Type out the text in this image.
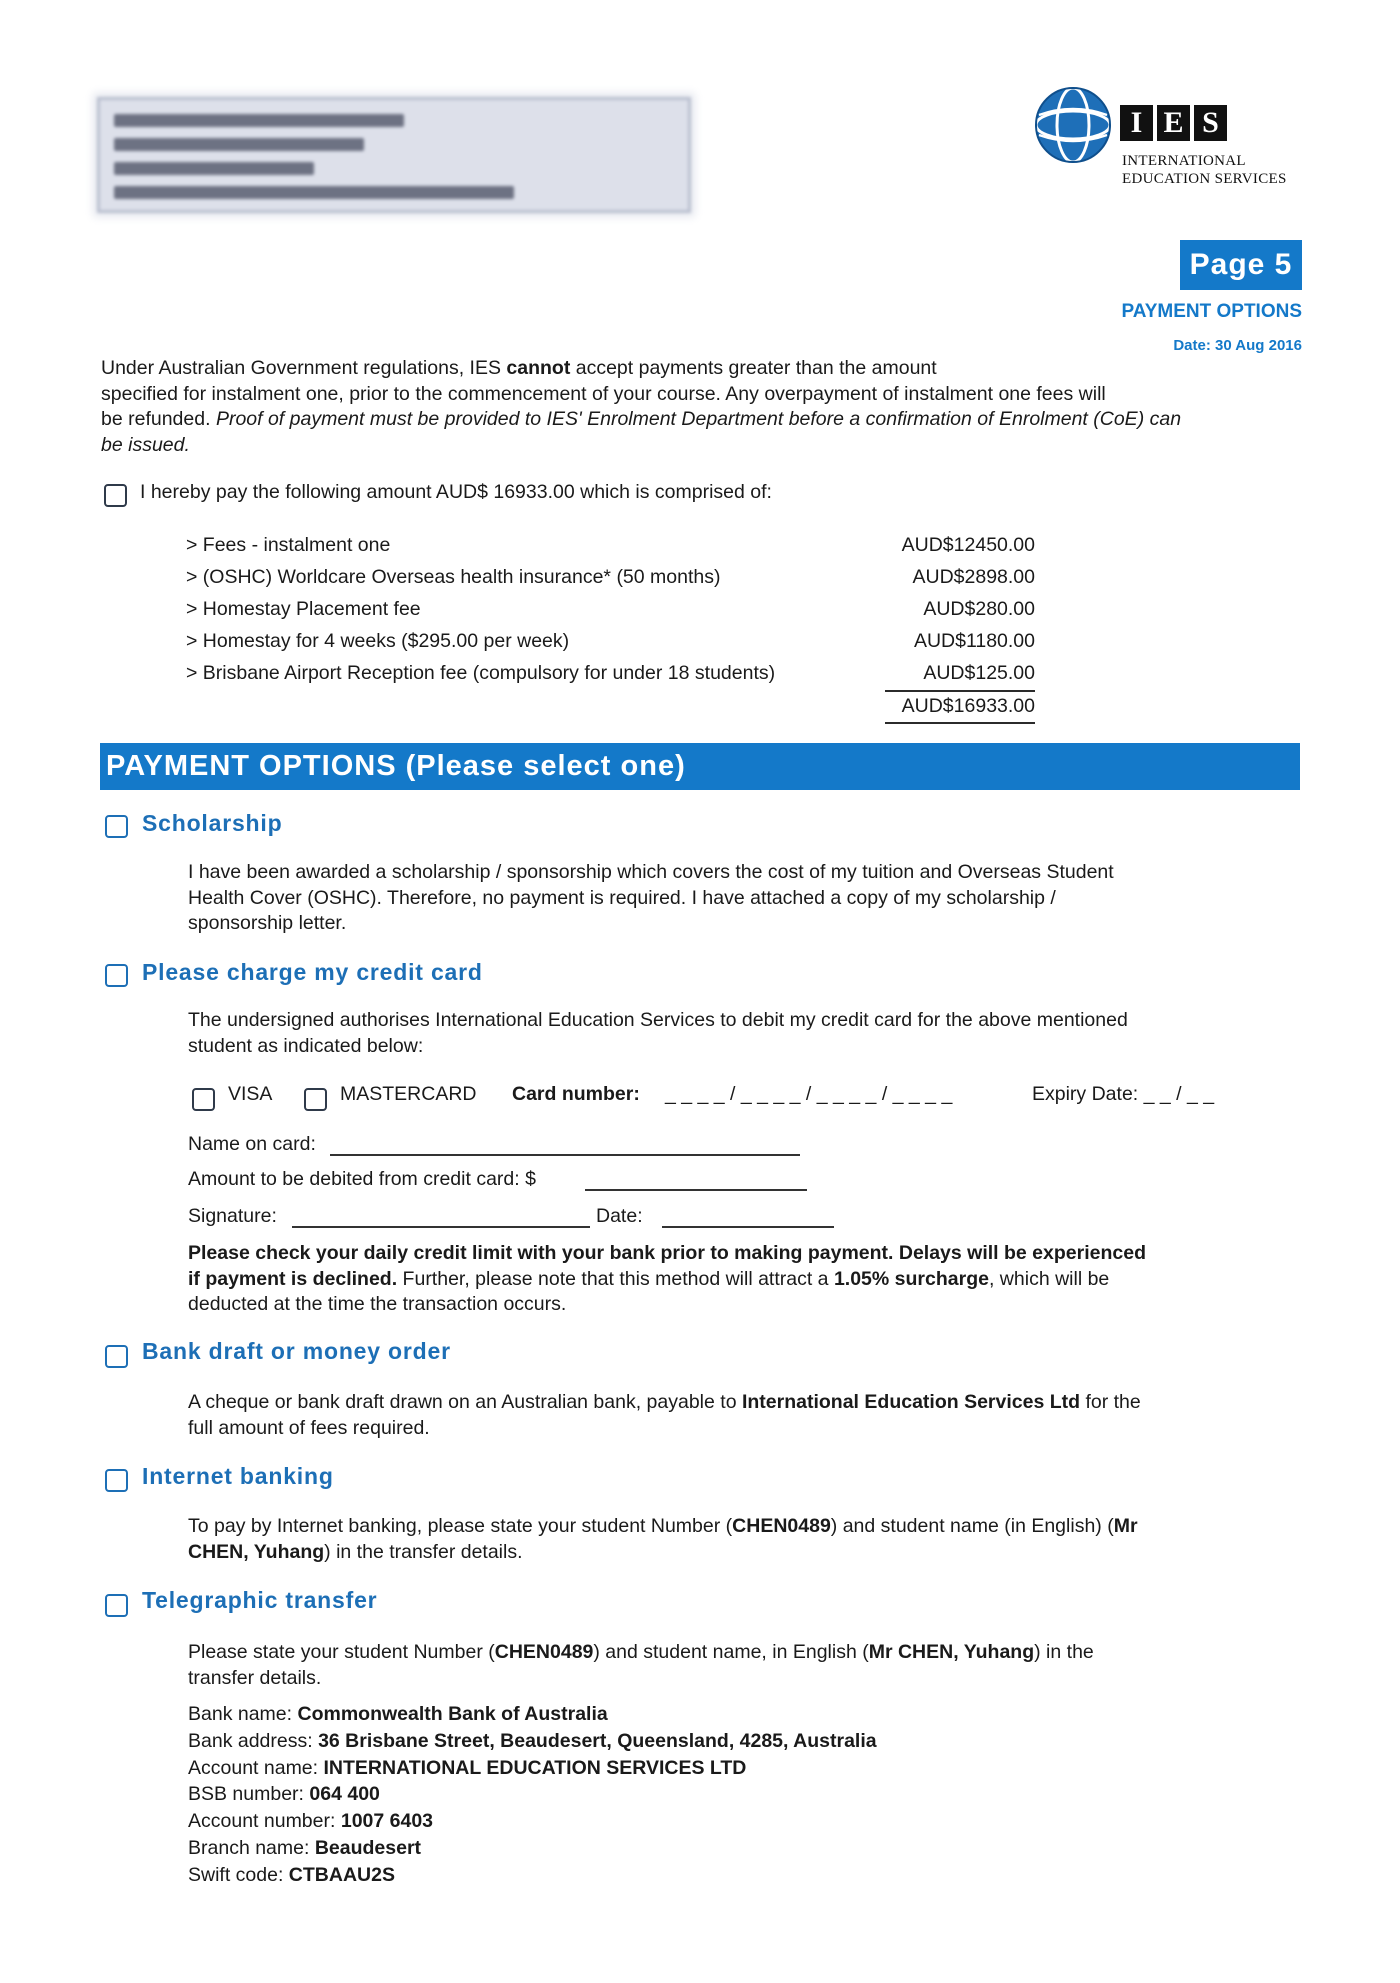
I E S
INTERNATIONAL
EDUCATION SERVICES
Page 5
PAYMENT OPTIONS
Date: 30 Aug 2016
Under Australian Government regulations, IES cannot accept payments greater than the amount
specified for instalment one, prior to the commencement of your course. Any overpayment of instalment one fees will
be refunded. Proof of payment must be provided to IES' Enrolment Department before a confirmation of Enrolment (CoE) can
be issued.
I hereby pay the following amount AUD$ 16933.00 which is comprised of:
> Fees - instalment one	AUD$12450.00
> (OSHC) Worldcare Overseas health insurance* (50 months)	AUD$2898.00
> Homestay Placement fee	AUD$280.00
> Homestay for 4 weeks ($295.00 per week)	AUD$1180.00
> Brisbane Airport Reception fee (compulsory for under 18 students)	AUD$125.00
AUD$16933.00
PAYMENT OPTIONS (Please select one)
Scholarship
I have been awarded a scholarship / sponsorship which covers the cost of my tuition and Overseas Student
Health Cover (OSHC). Therefore, no payment is required. I have attached a copy of my scholarship /
sponsorship letter.
Please charge my credit card
The undersigned authorises International Education Services to debit my credit card for the above mentioned
student as indicated below:
VISA	MASTERCARD Card number: _ _ _ _ / _ _ _ _ / _ _ _ _ / _ _ _ _	Expiry Date: _ _ / _ _
Name on card:
Amount to be debited from credit card: $
Signature:	Date:
Please check your daily credit limit with your bank prior to making payment. Delays will be experienced
if payment is declined. Further, please note that this method will attract a 1.05% surcharge, which will be
deducted at the time the transaction occurs.
Bank draft or money order
A cheque or bank draft drawn on an Australian bank, payable to International Education Services Ltd for the
full amount of fees required.
Internet banking
To pay by Internet banking, please state your student Number (CHEN0489) and student name (in English) (Mr
CHEN, Yuhang) in the transfer details.
Telegraphic transfer
Please state your student Number (CHEN0489) and student name, in English (Mr CHEN, Yuhang) in the
transfer details.
Bank name: Commonwealth Bank of Australia
Bank address: 36 Brisbane Street, Beaudesert, Queensland, 4285, Australia
Account name: INTERNATIONAL EDUCATION SERVICES LTD
BSB number: 064 400
Account number: 1007 6403
Branch name: Beaudesert
Swift code: CTBAAU2S
